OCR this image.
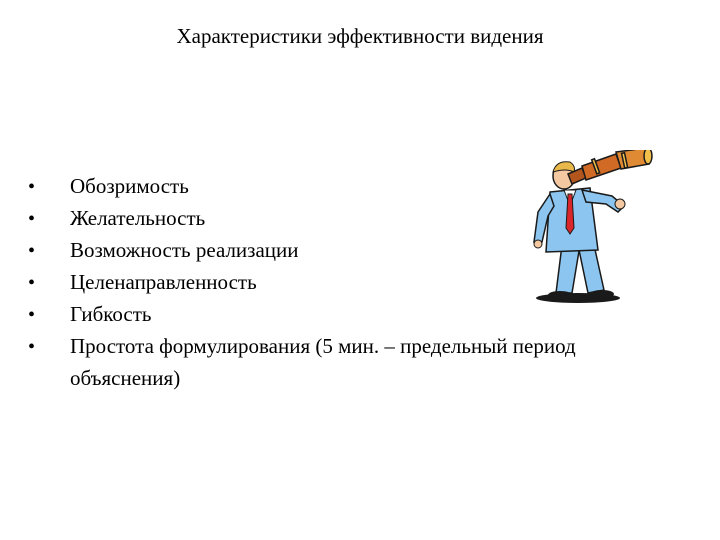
Характеристики эффективности видения
• Обозримость
• Желательность
• Возможность реализации
• Целенаправленность
• Гибкость
• Простота формулирования (5 мин. – предельный период объяснения)
